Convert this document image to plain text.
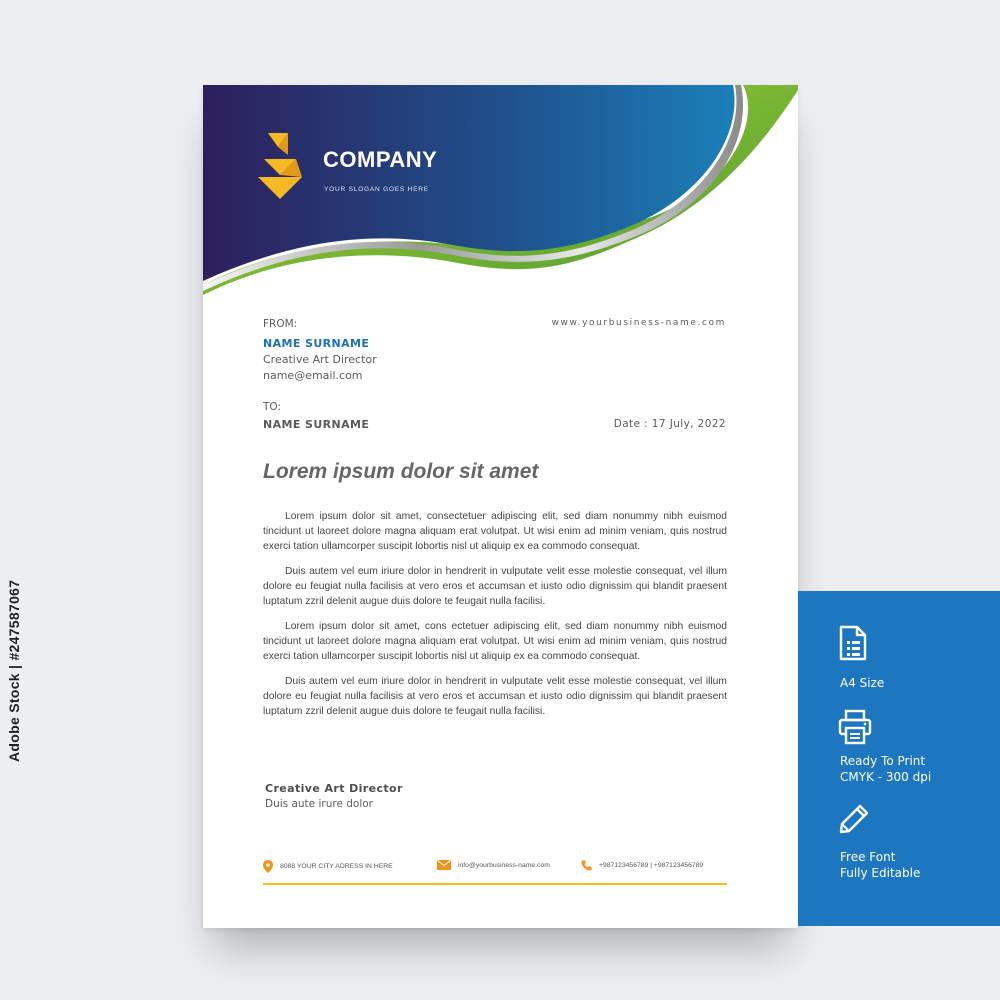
COMPANY
YOUR SLOGAN GOES HERE
FROM:	www.yourbusiness-name.com
NAME SURNAME
Creative Art Director
name@email.com
TO:
NAME SURNAME	Date : 17 July, 2022
Lorem ipsum dolor sit amet

Lorem ipsum dolor sit amet, consectetuer adipiscing elit, sed diam nonummy nibh euismod tincidunt ut laoreet dolore magna aliquam erat volutpat. Ut wisi enim ad minim veniam, quis nostrud exerci tation ullamcorper suscipit lobortis nisl ut aliquip ex ea commodo consequat.

Duis autem vel eum iriure dolor in hendrerit in vulputate velit esse molestie consequat, vel illum dolore eu feugiat nulla facilisis at vero eros et accumsan et iusto odio dignissim qui blandit praesent luptatum zzril delenit augue duis dolore te feugait nulla facilisi.

Lorem ipsum dolor sit amet, cons ectetuer adipiscing elit, sed diam nonummy nibh euismod tincidunt ut laoreet dolore magna aliquam erat volutpat. Ut wisi enim ad minim veniam, quis nostrud exerci tation ullamcorper suscipit lobortis nisl ut aliquip ex ea commodo consequat.

Duis autem vel eum iriure dolor in hendrerit in vulputate velit esse molestie consequat, vel illum dolore eu feugiat nulla facilisis at vero eros et accumsan et iusto odio dignissim qui blandit praesent luptatum zzril delenit augue duis dolore te feugait nulla facilisi.

Creative Art Director
Duis aute irure dolor
8088 YOUR CITY ADRESS IN HERE	info@yourbusiness-name.com	+987123456789 | +987123456789
A4 Size
Ready To Print
CMYK - 300 dpi
Free Font
Fully Editable
Adobe Stock | #247587067
